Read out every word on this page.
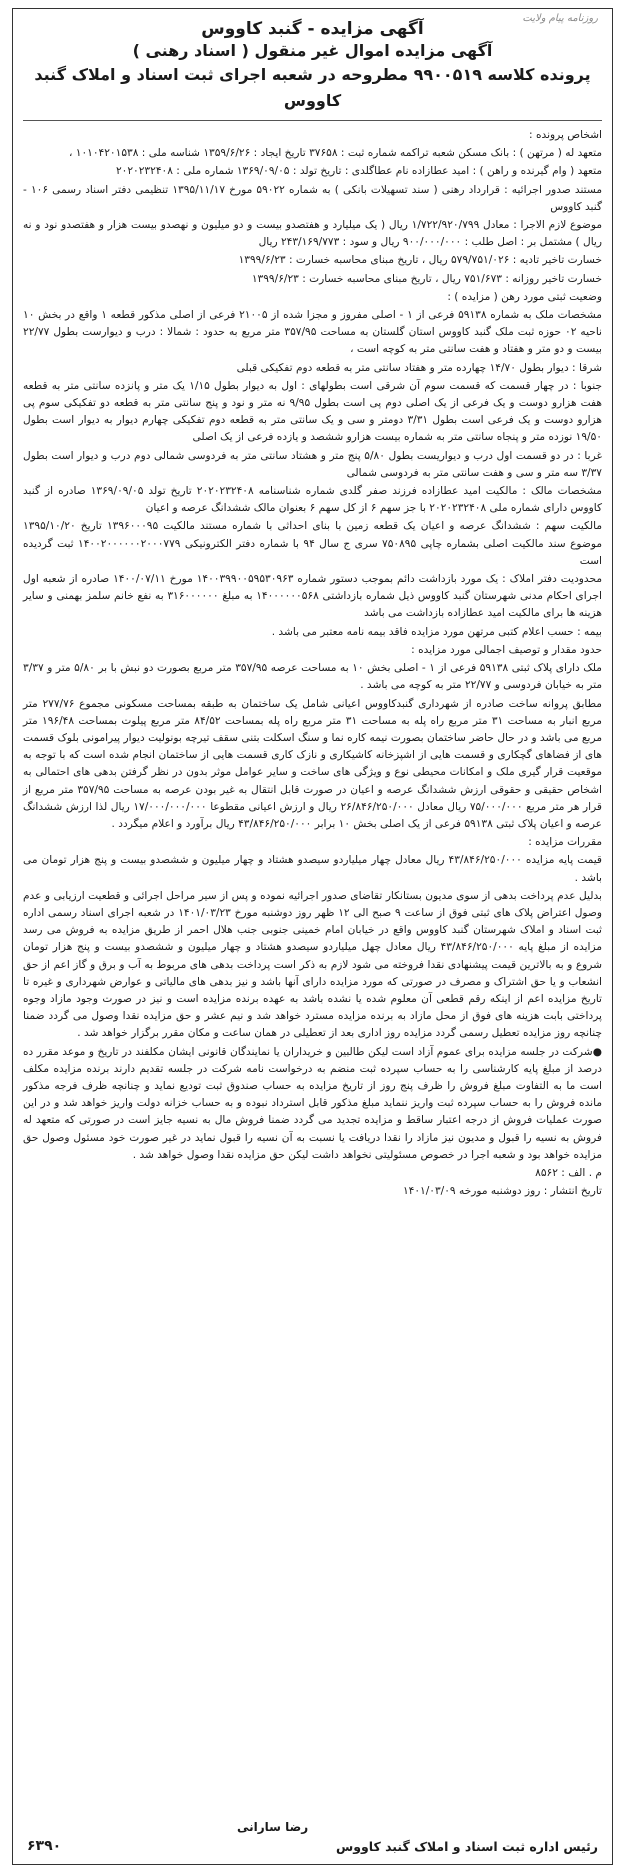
روزنامه پیام ولایت
آگهی مزایده - گنبد کاووس
آگهی مزایده اموال غیر منقول ( اسناد رهنی )
پرونده کلاسه ۹۹۰۰۵۱۹ مطروحه در شعبه اجرای ثبت اسناد و املاک گنبد کاووس
اشخاص پرونده :
متعهد له ( مرتهن ) : بانک مسکن شعبه تراکمه شماره ثبت : ۳۷۶۵۸ تاریخ ایجاد : ۱۳۵۹/۶/۲۶ شناسه ملی : ۱۰۱۰۴۲۰۱۵۳۸ ،
متعهد ( وام گیرنده و راهن ) : امید عطازاده نام عطاگلدی : تاریخ تولد : ۱۳۶۹/۰۹/۰۵ شماره ملی : ۲۰۲۰۲۳۲۴۰۸
مستند صدور اجرائیه : قرارداد رهنی ( سند تسهیلات بانکی ) به شماره ۵۹۰۲۲ مورخ ۱۳۹۵/۱۱/۱۷ تنظیمی دفتر اسناد رسمی ۱۰۶ - گنبد کاووس
موضوع لازم الاجرا : معادل ۱/۷۲۲/۹۲۰/۷۹۹ ریال ( یک میلیارد و هفتصدو بیست و دو میلیون و نهصدو بیست هزار و هفتصدو نود و نه ریال ) مشتمل بر : اصل طلب : ۹۰۰/۰۰۰/۰۰۰ ریال و سود : ۲۴۳/۱۶۹/۷۷۳ ریال
خسارت تاخیر تادیه : ۵۷۹/۷۵۱/۰۲۶ ریال ، تاریخ مبنای محاسبه خسارت : ۱۳۹۹/۶/۲۳
خسارت تاخیر روزانه : ۷۵۱/۶۷۳ ریال ، تاریخ مبنای محاسبه خسارت : ۱۳۹۹/۶/۲۳
وضعیت ثبتی مورد رهن ( مزایده ) :
مشخصات ملک به شماره ۵۹۱۳۸ فرعی از ۱ - اصلی مفروز و مجزا شده از ۲۱۰۰۵ فرعی از اصلی مذکور قطعه ۱ واقع در بخش ۱۰ ناحیه ۰۲ حوزه ثبت ملک گنبد کاووس استان گلستان به مساحت ۳۵۷/۹۵ متر مربع به حدود : شمالا : درب و دیوارست بطول ۲۲/۷۷ بیست و دو متر و هفتاد و هفت سانتی متر به کوچه است ،
شرقا : دیوار بطول ۱۴/۷۰ چهارده متر و هفتاد سانتی متر به قطعه دوم تفکیکی قبلی
جنوبا : در چهار قسمت که قسمت سوم آن شرقی است بطولهای : اول به دیوار بطول ۱/۱۵ یک متر و پانزده سانتی متر به قطعه هفت هزارو دوست و یک فرعی از یک اصلی دوم پی است بطول ۹/۹۵ نه متر و نود و پنج سانتی متر به قطعه دو تفکیکی سوم پی هزارو دوست و یک فرعی است بطول ۳/۳۱ دومتر و سی و یک سانتی متر به قطعه دوم تفکیکی چهارم دیوار به دیوار است بطول ۱۹/۵۰ نوزده متر و پنجاه سانتی متر به شماره بیست هزارو ششصد و یازده فرعی از یک اصلی
غربا : در دو قسمت اول درب و دیواریست بطول ۵/۸۰ پنج متر و هشتاد سانتی متر به فردوسی شمالی دوم درب و دیوار است بطول ۳/۳۷ سه متر و سی و هفت سانتی متر به فردوسی شمالی
مشخصات مالک : مالکیت امید عطازاده فرزند صفر گلدی شماره شناسنامه ۲۰۲۰۲۳۲۴۰۸ تاریخ تولد ۱۳۶۹/۰۹/۰۵ صادره از گنبد کاووس دارای شماره ملی ۲۰۲۰۲۳۲۴۰۸ با جز سهم ۶ از کل سهم ۶ بعنوان مالک ششدانگ عرصه و اعیان
مالکیت سهم : ششدانگ عرصه و اعیان یک قطعه زمین با بنای احداثی با شماره مستند مالکیت ۱۳۹۶۰۰۰۹۵ تاریخ ۱۳۹۵/۱۰/۲۰ موضوع سند مالکیت اصلی بشماره چاپی ۷۵۰۸۹۵ سری ج سال ۹۴ با شماره دفتر الکترونیکی ۱۴۰۰۲۰۰۰۰۰۰۲۰۰۰۷۷۹ ثبت گردیده است
محدودیت دفتر املاک : یک مورد بازداشت دائم بموجب دستور شماره ۱۴۰۰۳۹۹۰۰۵۹۵۳۰۹۶۳ مورخ ۱۴۰۰/۰۷/۱۱ صادره از شعبه اول اجرای احکام مدنی شهرستان گنبد کاووس ذیل شماره بازداشتی ۱۴۰۰۰۰۰۰۵۶۸ به مبلغ ۳۱۶۰۰۰۰۰۰ به نفع خانم سلمز بهمنی و سایر هزینه ها برای مالکیت امید عطازاده بازداشت می باشد
بیمه : حسب اعلام کتبی مرتهن مورد مزایده فاقد بیمه نامه معتبر می باشد .
حدود مقدار و توصیف اجمالی مورد مزایده :
ملک دارای پلاک ثبتی ۵۹۱۳۸ فرعی از ۱ - اصلی بخش ۱۰ به مساحت عرصه ۳۵۷/۹۵ متر مربع بصورت دو نبش با بر ۵/۸۰ متر و ۳/۳۷ متر به خیابان فردوسی و ۲۲/۷۷ متر به کوچه می باشد .
مطابق پروانه ساخت صادره از شهرداری گنبدکاووس اعیانی شامل یک ساختمان به طبقه بمساحت مسکونی مجموع ۲۷۷/۷۶ متر مربع انبار به مساحت ۳۱ متر مربع راه پله به مساحت ۳۱ متر مربع راه پله بمساحت ۸۴/۵۲ متر مربع پیلوت بمساحت ۱۹۶/۴۸ متر مربع می باشد و در حال حاضر ساختمان بصورت نیمه کاره نما و سنگ اسکلت بتنی سقف تیرچه بونولیت دیوار پیرامونی بلوک قسمت های از فضاهای گچکاری و قسمت هایی از اشپزخانه کاشیکاری و نازک کاری قسمت هایی از ساختمان انجام شده است که با توجه به موقعیت قرار گیری ملک و امکانات محیطی نوع و ویژگی های ساخت و سایر عوامل موثر بدون در نظر گرفتن بدهی های احتمالی به اشخاص حقیقی و حقوقی ارزش ششدانگ عرصه و اعیان در صورت قابل انتقال به غیر بودن عرصه به مساحت ۳۵۷/۹۵ متر مربع از قرار هر متر مربع ۷۵/۰۰۰/۰۰۰ ریال معادل ۲۶/۸۴۶/۲۵۰/۰۰۰ ریال و ارزش اعیانی مقطوعا ۱۷/۰۰۰/۰۰۰/۰۰۰ ریال لذا ارزش ششدانگ عرصه و اعیان پلاک ثبتی ۵۹۱۳۸ فرعی از یک اصلی بخش ۱۰ برابر ۴۳/۸۴۶/۲۵۰/۰۰۰ ریال برآورد و اعلام میگردد .
مقررات مزایده :
قیمت پایه مزایده ۴۳/۸۴۶/۲۵۰/۰۰۰ ریال معادل چهار میلیاردو سیصدو هشتاد و چهار میلیون و ششصدو بیست و پنج هزار تومان می باشد .
بدلیل عدم پرداخت بدهی از سوی مدیون بستانکار تقاضای صدور اجرائیه نموده و پس از سیر مراحل اجرائی و قطعیت ارزیابی و عدم وصول اعتراض پلاک های ثبتی فوق از ساعت ۹ صبح الی ۱۲ ظهر روز دوشنبه مورخ ۱۴۰۱/۰۳/۲۳ در شعبه اجرای اسناد رسمی اداره ثبت اسناد و املاک شهرستان گنبد کاووس واقع در خیابان امام خمینی جنوبی جنب هلال احمر از طریق مزایده به فروش می رسد مزایده از مبلغ پایه ۴۳/۸۴۶/۲۵۰/۰۰۰ ریال معادل چهل میلیاردو سیصدو هشتاد و چهار میلیون و ششصدو بیست و پنج هزار تومان شروع و به بالاترین قیمت پیشنهادی نقدا فروخته می شود لازم به ذکر است پرداخت بدهی های مربوط به آب و برق و گاز اعم از حق انشعاب و یا حق اشتراک و مصرف در صورتی که مورد مزایده دارای آنها باشد و نیز بدهی های مالیاتی و عوارض شهرداری و غیره تا تاریخ مزایده اعم از اینکه رقم قطعی آن معلوم شده یا نشده باشد به عهده برنده مزایده است و نیز در صورت وجود مازاد وجوه پرداختی بابت هزینه های فوق از محل مازاد به برنده مزایده مسترد خواهد شد و نیم عشر و حق مزایده نقدا وصول می گردد ضمنا چنانچه روز مزایده تعطیل رسمی گردد مزایده روز اداری بعد از تعطیلی در همان ساعت و مکان مقرر برگزار خواهد شد .
●شرکت در جلسه مزایده برای عموم آزاد است لیکن طالبین و خریداران یا نمایندگان قانونی ایشان مکلفند در تاریخ و موعد مقرر ده درصد از مبلغ پایه کارشناسی را به حساب سپرده ثبت منضم به درخواست نامه شرکت در جلسه تقدیم دارند برنده مزایده مکلف است ما به التفاوت مبلغ فروش را ظرف پنج روز از تاریخ مزایده به حساب صندوق ثبت تودیع نماید و چنانچه ظرف فرجه مذکور مانده فروش را به حساب سپرده ثبت واریز ننماید مبلغ مذکور قابل استرداد نبوده و به حساب خزانه دولت واریز خواهد شد و در این صورت عملیات فروش از درجه اعتبار ساقط و مزایده تجدید می گردد ضمنا فروش مال به نسیه جایز است در صورتی که متعهد له فروش به نسیه را قبول و مدیون نیز مازاد را نقدا دریافت یا نسبت به آن نسیه را قبول نماید در غیر صورت خود مسئول وصول حق مزایده خواهد بود و شعبه اجرا در خصوص مسئولیتی نخواهد داشت لیکن حق مزایده نقدا وصول خواهد شد .
م . الف : ۸۵۶۲
تاریخ انتشار : روز دوشنبه مورخه ۱۴۰۱/۰۳/۰۹
رضا سارانی
رئیس اداره ثبت اسناد و املاک گنبد کاووس
۶۳۹۰
